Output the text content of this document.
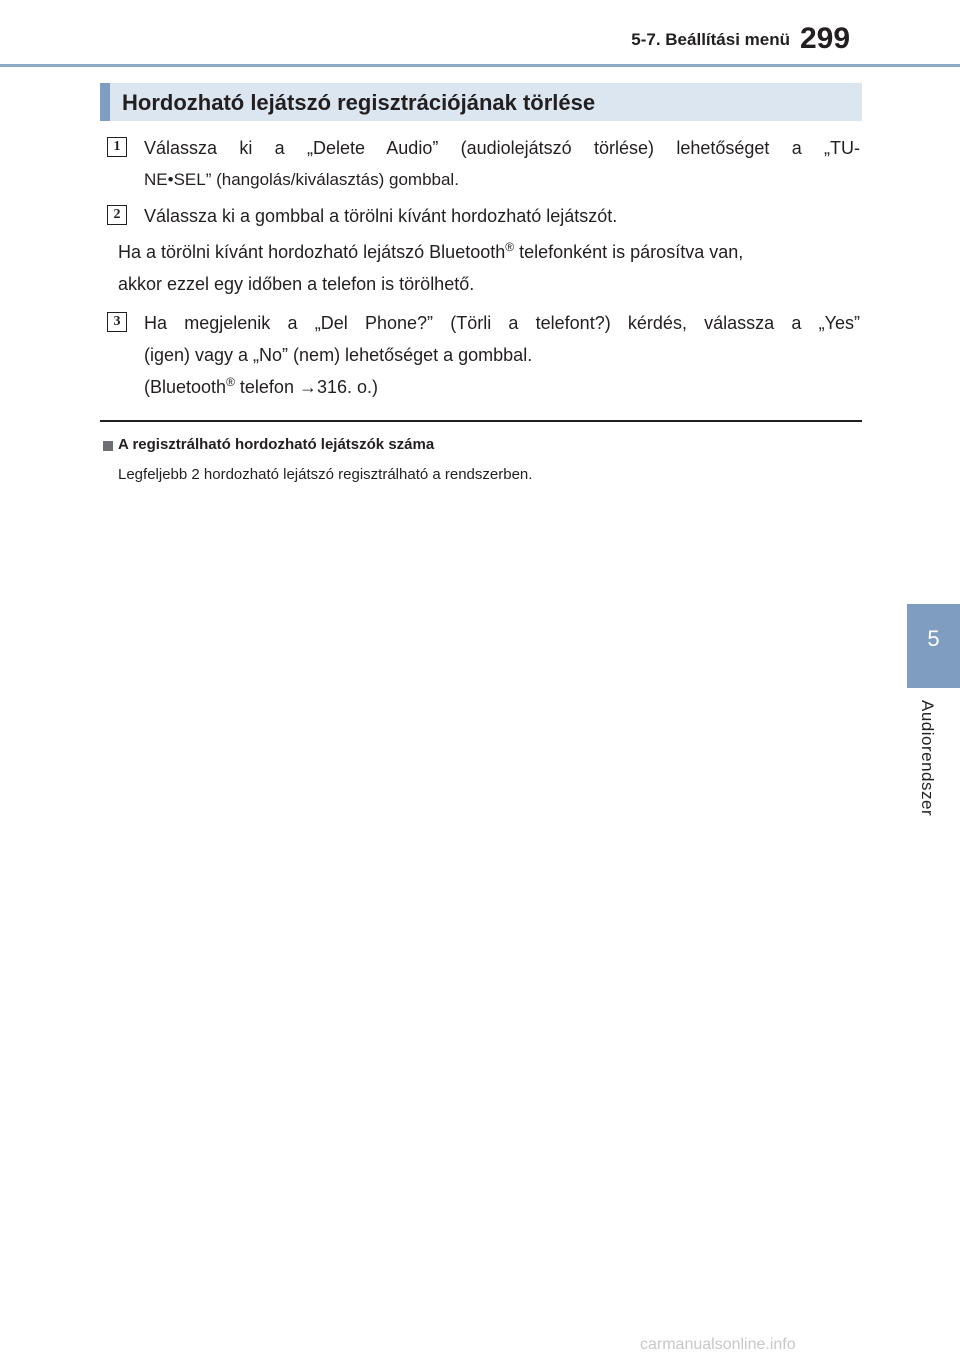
5-7. Beállítási menü 299
Hordozható lejátszó regisztrációjának törlése
1	Válassza ki a „Delete Audio” (audiolejátszó törlése) lehetőséget a „TU-
NE•SEL” (hangolás/kiválasztás) gombbal.
2	Válassza ki a gombbal a törölni kívánt hordozható lejátszót.
Ha a törölni kívánt hordozható lejátszó Bluetooth® telefonként is párosítva van,
akkor ezzel egy időben a telefon is törölhető.
3	Ha megjelenik a „Del Phone?” (Törli a telefont?) kérdés, válassza a „Yes”
(igen) vagy a „No” (nem) lehetőséget a gombbal.
(Bluetooth® telefon →316. o.)
A regisztrálható hordozható lejátszók száma
Legfeljebb 2 hordozható lejátszó regisztrálható a rendszerben.
5
Audiorendszer
carmanualsonline.info
